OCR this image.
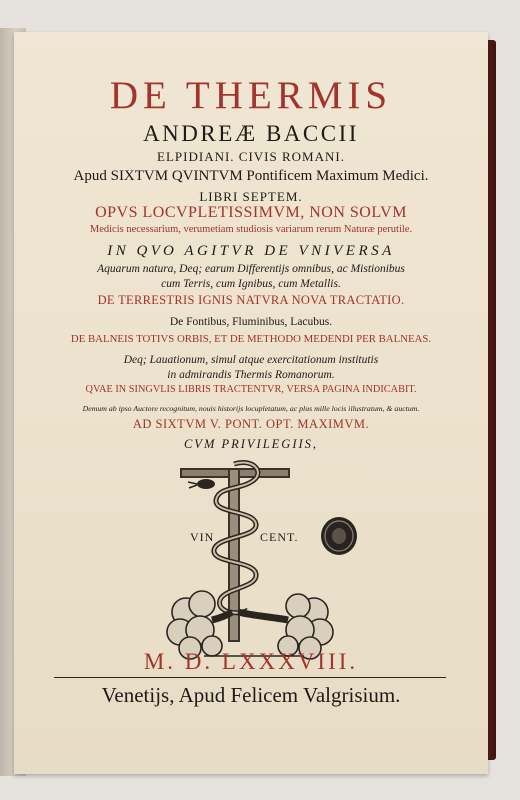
DE THERMIS
ANDREÆ BACCII
ELPIDIANI. CIVIS ROMANI.
Apud SIXTVM QVINTVM Pontificem Maximum Medici.
LIBRI SEPTEM.
OPVS LOCVPLETISSIMVM, NON SOLVM
Medicis necessarium, verumetiam studiosis variarum rerum Naturæ perutile.
IN QVO AGITVR DE VNIVERSA
Aquarum natura, Deq; earum Differentijs omnibus, ac Mistionibus
cum Terris, cum Ignibus, cum Metallis.
DE TERRESTRIS IGNIS NATVRA NOVA TRACTATIO.
De Fontibus, Fluminibus, Lacubus.
DE BALNEIS TOTIVS ORBIS, ET DE METHODO MEDENDI PER BALNEAS.
Deq; Lauationum, simul atque exercitationum institutis
in admirandis Thermis Romanorum.
QVAE IN SINGVLIS LIBRIS TRACTENTVR, VERSA PAGINA INDICABIT.
Demum ab ipso Auctore recognitum, nouis historijs locupletatum, ac plus mille locis illustratum, & auctum.
AD SIXTVM V. PONT. OPT. MAXIMVM.
CVM PRIVILEGIIS,
VIN	CENT.
M. D. LXXXVIII.
Venetijs, Apud Felicem Valgrisium.
